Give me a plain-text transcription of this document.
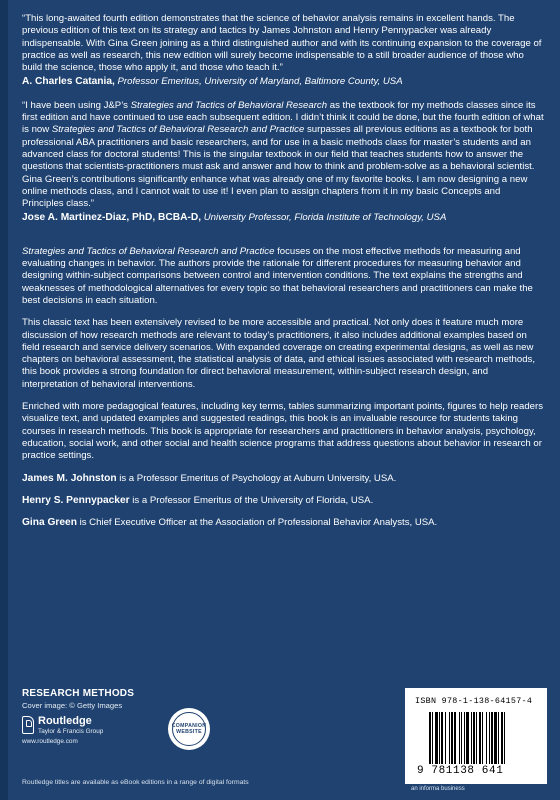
“This long-awaited fourth edition demonstrates that the science of behavior analysis remains in excellent hands. The previous edition of this text on its strategy and tactics by James Johnston and Henry Pennypacker was already indispensable. With Gina Green joining as a third distinguished author and with its continuing expansion to the coverage of practice as well as research, this new edition will surely become indispensable to a still broader audience of those who build the science, those who apply it, and those who teach it.”

A. Charles Catania, Professor Emeritus, University of Maryland, Baltimore County, USA

“I have been using J&P’s Strategies and Tactics of Behavioral Research as the textbook for my methods classes since its first edition and have continued to use each subsequent edition. I didn’t think it could be done, but the fourth edition of what is now Strategies and Tactics of Behavioral Research and Practice surpasses all previous editions as a textbook for both professional ABA practitioners and basic researchers, and for use in a basic methods class for master’s students and an advanced class for doctoral students! This is the singular textbook in our field that teaches students how to answer the questions that scientists-practitioners must ask and answer and how to think and problem-solve as a behavioral scientist. Gina Green’s contributions significantly enhance what was already one of my favorite books. I am now designing a new online methods class, and I cannot wait to use it! I even plan to assign chapters from it in my basic Concepts and Principles class.”

Jose A. Martinez-Diaz, PhD, BCBA-D, University Professor, Florida Institute of Technology, USA

Strategies and Tactics of Behavioral Research and Practice focuses on the most effective methods for measuring and evaluating changes in behavior. The authors provide the rationale for different procedures for measuring behavior and designing within-subject comparisons between control and intervention conditions. The text explains the strengths and weaknesses of methodological alternatives for every topic so that behavioral researchers and practitioners can make the best decisions in each situation.

This classic text has been extensively revised to be more accessible and practical. Not only does it feature much more discussion of how research methods are relevant to today’s practitioners, it also includes additional examples based on field research and service delivery scenarios. With expanded coverage on creating experimental designs, as well as new chapters on behavioral assessment, the statistical analysis of data, and ethical issues associated with research methods, this book provides a strong foundation for direct behavioral measurement, within-subject research design, and interpretation of behavioral interventions.

Enriched with more pedagogical features, including key terms, tables summarizing important points, figures to help readers visualize text, and updated examples and suggested readings, this book is an invaluable resource for students taking courses in research methods. This book is appropriate for researchers and practitioners in behavior analysis, psychology, education, social work, and other social and health science programs that address questions about behavior in research or practice settings.

James M. Johnston is a Professor Emeritus of Psychology at Auburn University, USA.

Henry S. Pennypacker is a Professor Emeritus of the University of Florida, USA.

Gina Green is Chief Executive Officer at the Association of Professional Behavior Analysts, USA.

RESEARCH METHODS
Cover image: © Getty Images
Routledge
Taylor & Francis Group
www.routledge.com
COMPANION
WEBSITE
Routledge titles are available as eBook editions in a range of digital formats
ISBN 978-1-138-64157-4
9 781138 641
an informa business
